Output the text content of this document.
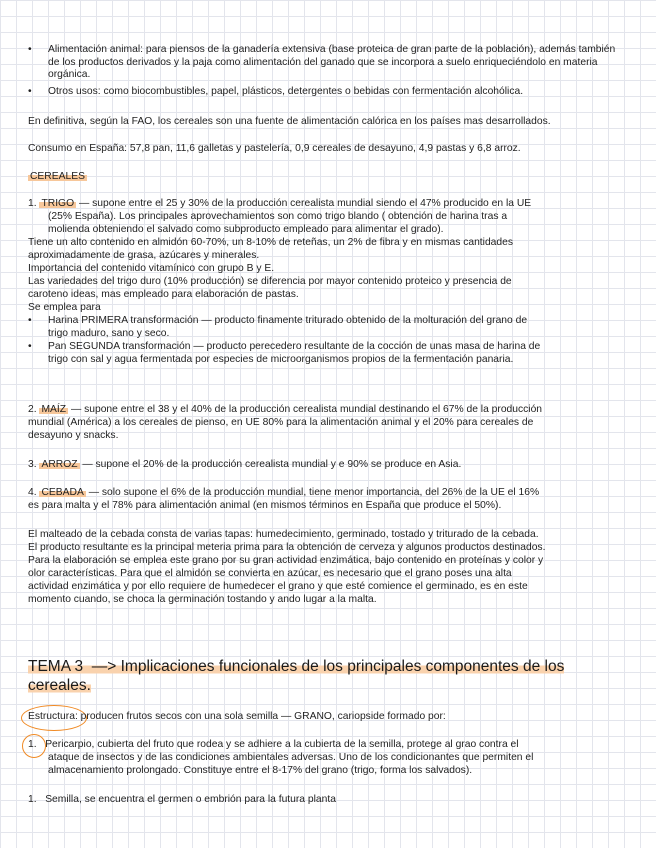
• Alimentación animal: para piensos de la ganadería extensiva (base proteica de gran parte de la población), además también de los productos derivados y la paja como alimentación del ganado que se incorpora a suelo enriqueciéndolo en materia orgánica.
• Otros usos: como biocombustibles, papel, plásticos, detergentes o bebidas con fermentación alcohólica.

En definitiva, según la FAO, los cereales son una fuente de alimentación calórica en los países mas desarrollados.

Consumo en España: 57,8 pan, 11,6 galletas y pastelería, 0,9 cereales de desayuno, 4,9 pastas y 6,8 arroz.

CEREALES

1. TRIGO — supone entre el 25 y 30% de la producción cerealista mundial siendo el 47% producido en la UE

(25% España). Los principales aprovechamientos son como trigo blando ( obtención de harina tras a

molienda obteniendo el salvado como subproducto empleado para alimentar el grado).

Tiene un alto contenido en almidón 60-70%, un 8-10% de reteñas, un 2% de fibra y en mismas cantidades

aproximadamente de grasa, azúcares y minerales.

Importancia del contenido vitamínico con grupo B y E.

Las variedades del trigo duro (10% producción) se diferencia por mayor contenido proteico y presencia de

caroteno ideas, mas empleado para elaboración de pastas.

Se emplea para

• Harina PRIMERA transformación — producto finamente triturado obtenido de la molturación del grano de
trigo maduro, sano y seco.
• Pan SEGUNDA transformación — producto perecedero resultante de la cocción de unas masa de harina de
trigo con sal y agua fermentada por especies de microorganismos propios de la fermentación panaria.

2. MAÍZ — supone entre el 38 y el 40% de la producción cerealista mundial destinando el 67% de la producción

mundial (América) a los cereales de pienso, en UE 80% para la alimentación animal y el 20% para cereales de

desayuno y snacks.

3. ARROZ — supone el 20% de la producción cerealista mundial y e 90% se produce en Asia.

4. CEBADA — solo supone el 6% de la producción mundial, tiene menor importancia, del 26% de la UE el 16%

es para malta y el 78% para alimentación animal (en mismos términos en España que produce el 50%).

El malteado de la cebada consta de varias tapas: humedecimiento, germinado, tostado y triturado de la cebada.

El producto resultante es la principal meteria prima para la obtención de cerveza y algunos productos destinados.

Para la elaboración se emplea este grano por su gran actividad enzimática, bajo contenido en proteínas y color y

olor características. Para que el almidón se convierta en azúcar, es necesario que el grano poses una alta

actividad enzimática y por ello requiere de humedecer el grano y que esté comience el germinado, es en este

momento cuando, se choca la germinación tostando y ando lugar a la malta.

TEMA 3 —> Implicaciones funcionales de los principales componentes de los
cereales.

Estructura: producen frutos secos con una sola semilla — GRANO, cariopside formado por:

1. Pericarpio, cubierta del fruto que rodea y se adhiere a la cubierta de la semilla, protege al grao contra el

ataque de insectos y de las condiciones ambientales adversas. Uno de los condicionantes que permiten el

almacenamiento prolongado. Constituye entre el 8-17% del grano (trigo, forma los salvados).

1. Semilla, se encuentra el germen o embrión para la futura planta
